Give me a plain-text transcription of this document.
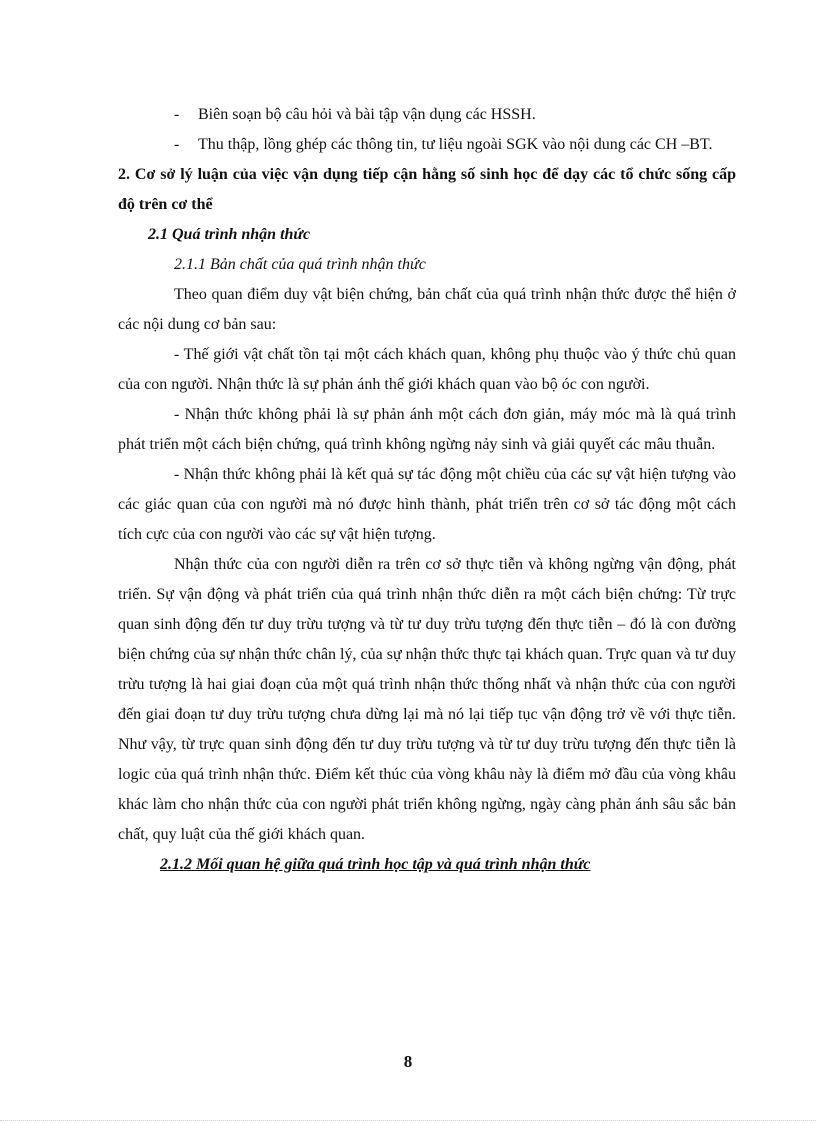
- Biên soạn bộ câu hỏi và bài tập vận dụng các HSSH.
- Thu thập, lồng ghép các thông tin, tư liệu ngoài SGK vào nội dung các CH –BT.
2. Cơ sở lý luận của việc vận dụng tiếp cận hằng số sinh học để dạy các tổ chức sống cấp độ trên cơ thể
2.1 Quá trình nhận thức
2.1.1 Bản chất của quá trình nhận thức

Theo quan điểm duy vật biện chứng, bản chất của quá trình nhận thức được thể hiện ở các nội dung cơ bản sau:

- Thế giới vật chất tồn tại một cách khách quan, không phụ thuộc vào ý thức chủ quan của con người. Nhận thức là sự phản ánh thế giới khách quan vào bộ óc con người.

- Nhận thức không phải là sự phản ánh một cách đơn giản, máy móc mà là quá trình phát triển một cách biện chứng, quá trình không ngừng nảy sinh và giải quyết các mâu thuẫn.

- Nhận thức không phải là kết quả sự tác động một chiều của các sự vật hiện tượng vào các giác quan của con người mà nó được hình thành, phát triển trên cơ sở tác động một cách tích cực của con người vào các sự vật hiện tượng.

Nhận thức của con người diễn ra trên cơ sở thực tiễn và không ngừng vận động, phát triển. Sự vận động và phát triển của quá trình nhận thức diễn ra một cách biện chứng: Từ trực quan sinh động đến tư duy trừu tượng và từ tư duy trừu tượng đến thực tiễn – đó là con đường biện chứng của sự nhận thức chân lý, của sự nhận thức thực tại khách quan. Trực quan và tư duy trừu tượng là hai giai đoạn của một quá trình nhận thức thống nhất và nhận thức của con người đến giai đoạn tư duy trừu tượng chưa dừng lại mà nó lại tiếp tục vận động trở về với thực tiễn. Như vậy, từ trực quan sinh động đến tư duy trừu tượng và từ tư duy trừu tượng đến thực tiễn là logic của quá trình nhận thức. Điểm kết thúc của vòng khâu này là điểm mở đầu của vòng khâu khác làm cho nhận thức của con người phát triển không ngừng, ngày càng phản ánh sâu sắc bản chất, quy luật của thế giới khách quan.

2.1.2 Mối quan hệ giữa quá trình học tập và quá trình nhận thức
8
